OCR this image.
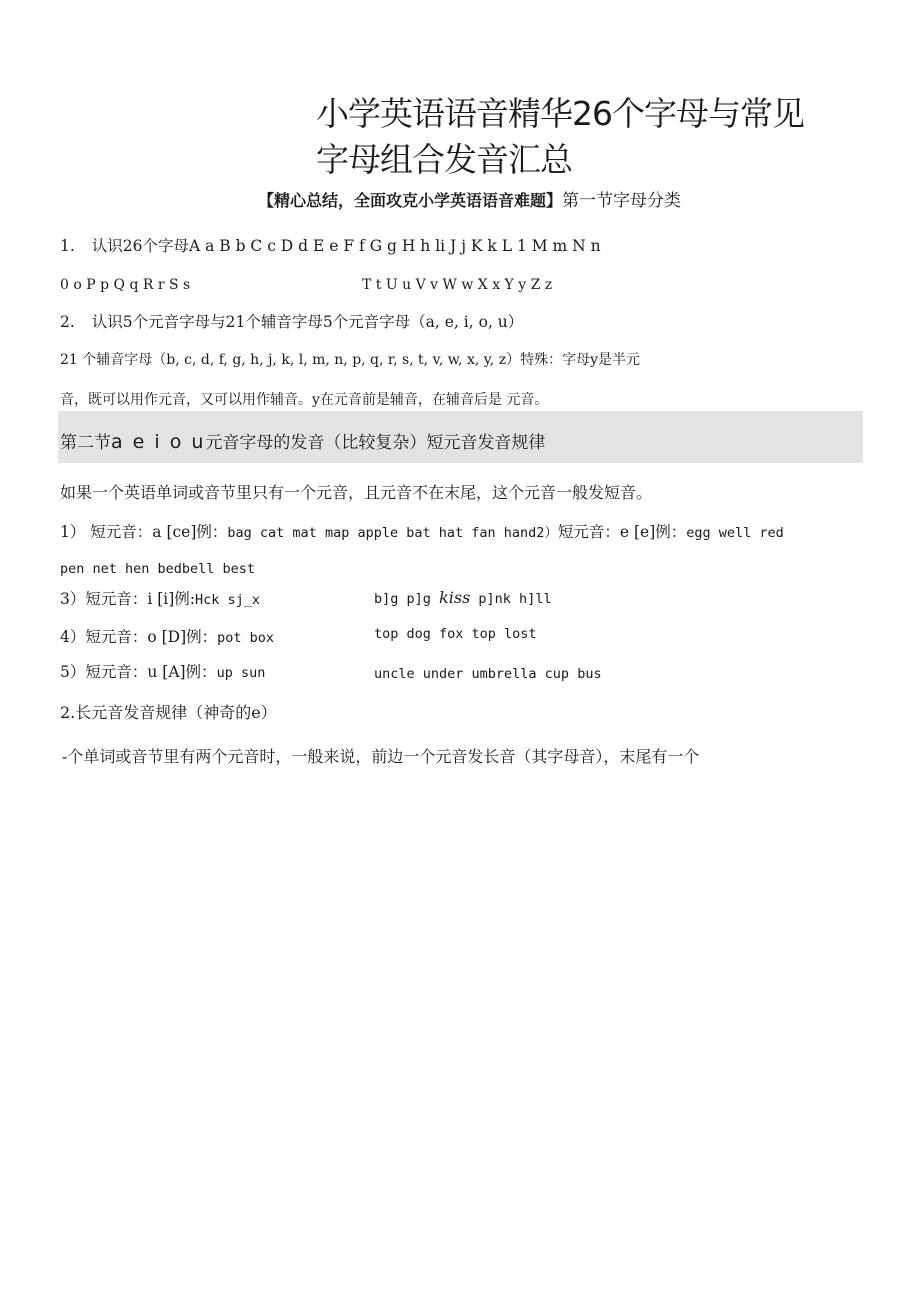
小学英语语音精华26个字母与常见
字母组合发音汇总
【精心总结，全面攻克小学英语语音难题】第一节字母分类
1. 认识26个字母A a B b C c D d E e F f G g H h li J j K k L 1 M m N n
0 o P p Q q R r S s	T t U u V v W w X x Y y Z z
2. 认识5个元音字母与21个辅音字母5个元音字母（a, e, i, o, u）
21 个辅音字母（b, c, d, f, g, h, j, k, l, m, n, p, q, r, s, t, v, w, x, y, z）特殊：字母y是半元
音，既可以用作元音，又可以用作辅音。y在元音前是辅音，在辅音后是 元音。
第二节a e i o u元音字母的发音（比较复杂）短元音发音规律
如果一个英语单词或音节里只有一个元音，且元音不在末尾，这个元音一般发短音。
1） 短元音：a [ce]例：bag cat mat map apple bat hat fan hand2）短元音：e [e]例：egg well red
pen net hen bedbell best
3）短元音：i [i]例:Hck sj_x	b]g p]g kiss p]nk h]ll
4）短元音：o [D]例：pot box	top dog fox top lost
5）短元音：u [A]例：up sun	uncle under umbrella cup bus
2.长元音发音规律（神奇的e）
-个单词或音节里有两个元音时，一般来说，前边一个元音发长音（其字母音），末尾有一个
